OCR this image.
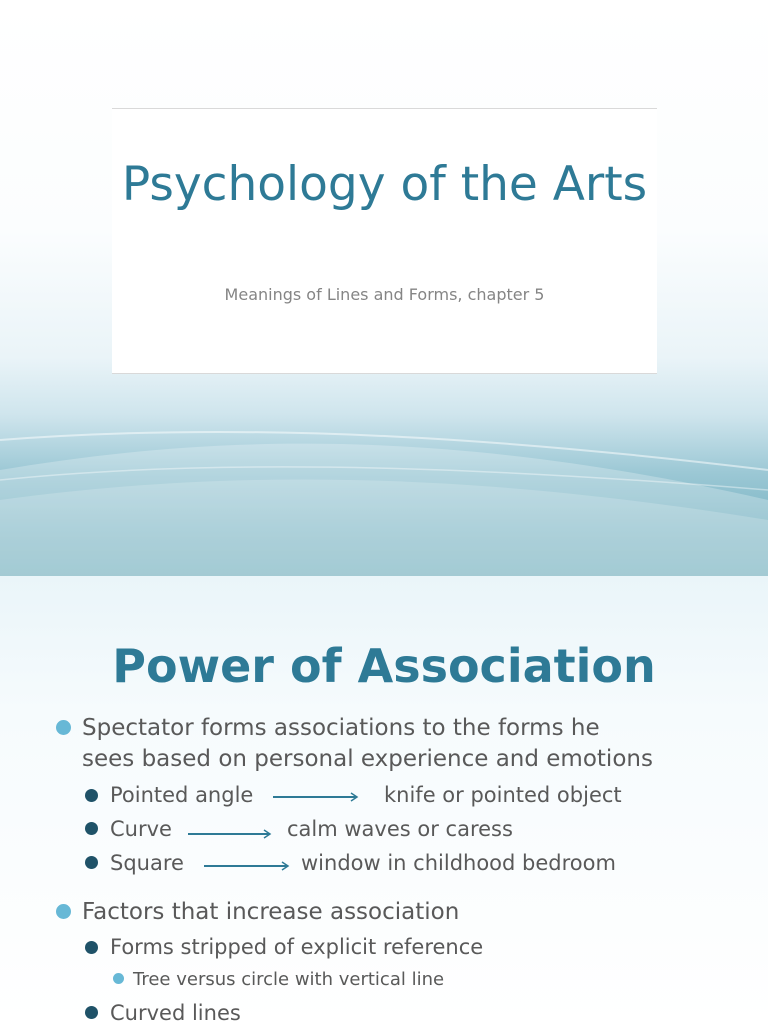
Psychology of the Arts
Meanings of Lines and Forms, chapter 5
Power of Association
Spectator forms associations to the forms he
sees based on personal experience and emotions
Pointed angle	knife or pointed object
Curve	calm waves or caress
Square	window in childhood bedroom
Factors that increase association
Forms stripped of explicit reference
Tree versus circle with vertical line
Curved lines
